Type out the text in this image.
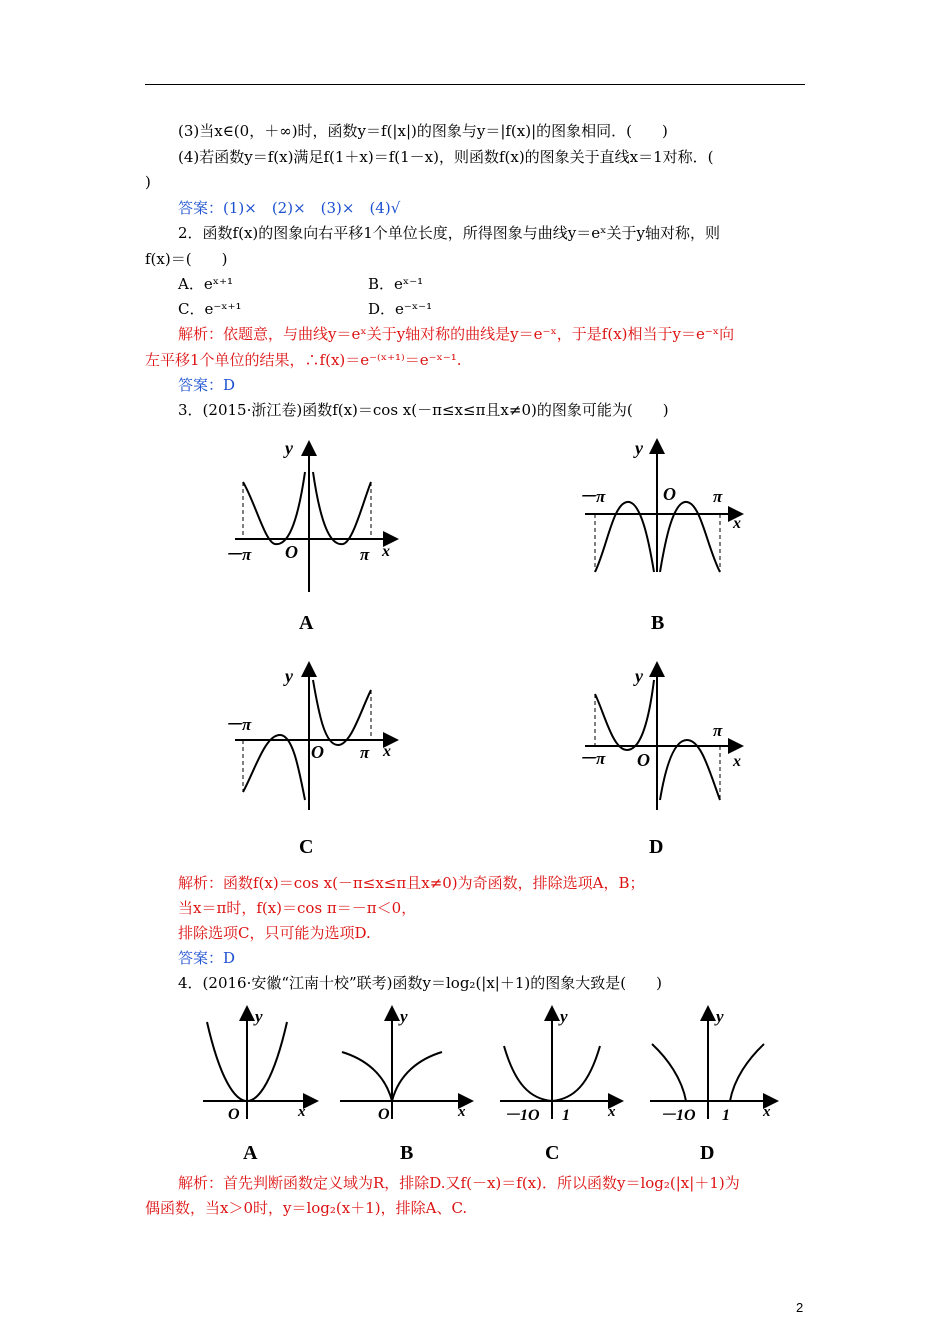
(3)当x∈(0，＋∞)时，函数y＝f(|x|)的图象与y＝|f(x)|的图象相同．(　　)
(4)若函数y＝f(x)满足f(1＋x)＝f(1－x)，则函数f(x)的图象关于直线x＝1对称．(
)
答案：(1)×　(2)×　(3)×　(4)√
2．函数f(x)的图象向右平移1个单位长度，所得图象与曲线y＝eˣ关于y轴对称，则
f(x)＝(　　)
A．eˣ⁺¹	B．eˣ⁻¹
C．e⁻ˣ⁺¹	D．e⁻ˣ⁻¹
解析：依题意，与曲线y＝eˣ关于y轴对称的曲线是y＝e⁻ˣ，于是f(x)相当于y＝e⁻ˣ向
左平移1个单位的结果，∴f(x)＝e⁻⁽ˣ⁺¹⁾＝e⁻ˣ⁻¹.
答案：D
3．(2015·浙江卷)函数f(x)＝cos x(－π≤x≤π且x≠0)的图象可能为(　　)
y
－π O	π x
A
y
－π	O π
x
B
y
－π
O π x
C
y
－π O
π
x
D
解析：函数f(x)＝cos x(－π≤x≤π且x≠0)为奇函数，排除选项A，B；
当x＝π时，f(x)＝cos π＝－π＜0，
排除选项C，只可能为选项D.
答案：D
4．(2016·安徽“江南十校”联考)函数y＝log₂(|x|＋1)的图象大致是(　　)
y
O	x
A
y
O	x
B
y
－1O 1	x
C
y
－1O 1 x
D
解析：首先判断函数定义域为R，排除D.又f(－x)＝f(x)．所以函数y＝log₂(|x|＋1)为
偶函数，当x＞0时，y＝log₂(x＋1)，排除A、C.
2
